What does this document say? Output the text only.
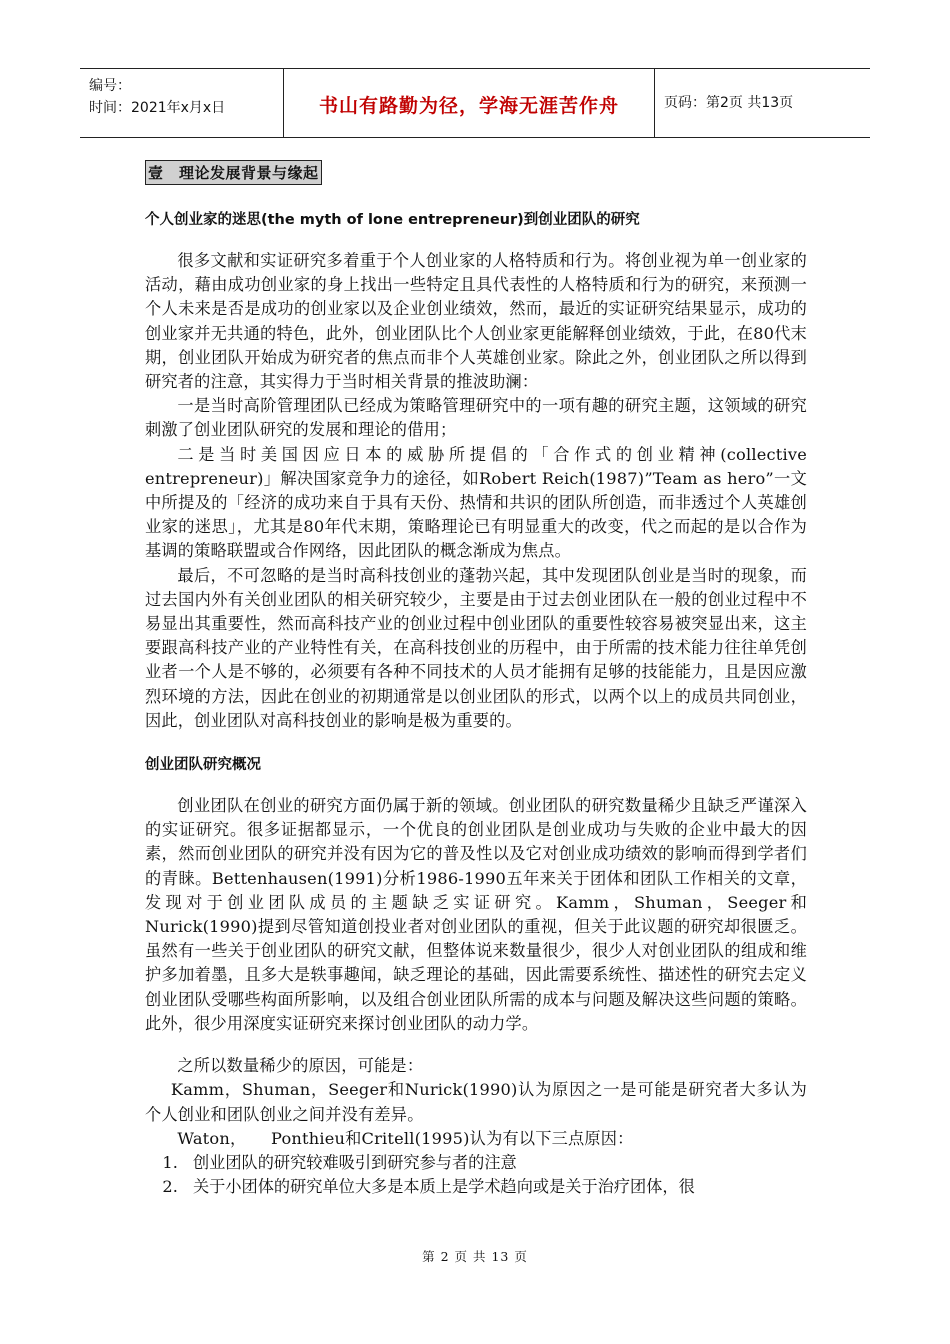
编号：
时间：2021年x月x日	书山有路勤为径，学海无涯苦作舟	页码：第2页 共13页
壹　理论发展背景与缘起

个人创业家的迷思(the myth of lone entrepreneur)到创业团队的研究

很多文献和实证研究多着重于个人创业家的人格特质和行为。将创业视为单一创业家的活动，藉由成功创业家的身上找出一些特定且具代表性的人格特质和行为的研究，来预测一个人未来是否是成功的创业家以及企业创业绩效，然而，最近的实证研究结果显示，成功的创业家并无共通的特色，此外，创业团队比个人创业家更能解释创业绩效，于此，在80代末期，创业团队开始成为研究者的焦点而非个人英雄创业家。除此之外，创业团队之所以得到研究者的注意，其实得力于当时相关背景的推波助澜：

一是当时高阶管理团队已经成为策略管理研究中的一项有趣的研究主题，这领域的研究刺激了创业团队研究的发展和理论的借用；

二是当时美国因应日本的威胁所提倡的「合作式的创业精神(collective entrepreneur)」解决国家竞争力的途径，如Robert Reich(1987)”Team as hero”一文中所提及的「经济的成功来自于具有天份、热情和共识的团队所创造，而非透过个人英雄创业家的迷思」，尤其是80年代末期，策略理论已有明显重大的改变，代之而起的是以合作为基调的策略联盟或合作网络，因此团队的概念渐成为焦点。

最后，不可忽略的是当时高科技创业的蓬勃兴起，其中发现团队创业是当时的现象，而过去国内外有关创业团队的相关研究较少，主要是由于过去创业团队在一般的创业过程中不易显出其重要性，然而高科技产业的创业过程中创业团队的重要性较容易被突显出来，这主要跟高科技产业的产业特性有关，在高科技创业的历程中，由于所需的技术能力往往单凭创业者一个人是不够的，必须要有各种不同技术的人员才能拥有足够的技能能力，且是因应激烈环境的方法，因此在创业的初期通常是以创业团队的形式，以两个以上的成员共同创业，因此，创业团队对高科技创业的影响是极为重要的。

创业团队研究概况

创业团队在创业的研究方面仍属于新的领域。创业团队的研究数量稀少且缺乏严谨深入的实证研究。很多证据都显示，一个优良的创业团队是创业成功与失败的企业中最大的因素，然而创业团队的研究并没有因为它的普及性以及它对创业成功绩效的影响而得到学者们的青睐。Bettenhausen(1991)分析1986-1990五年来关于团体和团队工作相关的文章，发现对于创业团队成员的主题缺乏实证研究。Kamm，Shuman，Seeger和Nurick(1990)提到尽管知道创投业者对创业团队的重视，但关于此议题的研究却很匮乏。虽然有一些关于创业团队的研究文献，但整体说来数量很少，很少人对创业团队的组成和维护多加着墨，且多大是轶事趣闻，缺乏理论的基础，因此需要系统性、描述性的研究去定义创业团队受哪些构面所影响，以及组合创业团队所需的成本与问题及解决这些问题的策略。此外，很少用深度实证研究来探讨创业团队的动力学。

之所以数量稀少的原因，可能是：

Kamm，Shuman，Seeger和Nurick(1990)认为原因之一是可能是研究者大多认为个人创业和团队创业之间并没有差异。

Waton，　　Ponthieu和Critell(1995)认为有以下三点原因：

1. 创业团队的研究较难吸引到研究参与者的注意
2. 关于小团体的研究单位大多是本质上是学术趋向或是关于治疗团体，很
第 2 页 共 13 页
